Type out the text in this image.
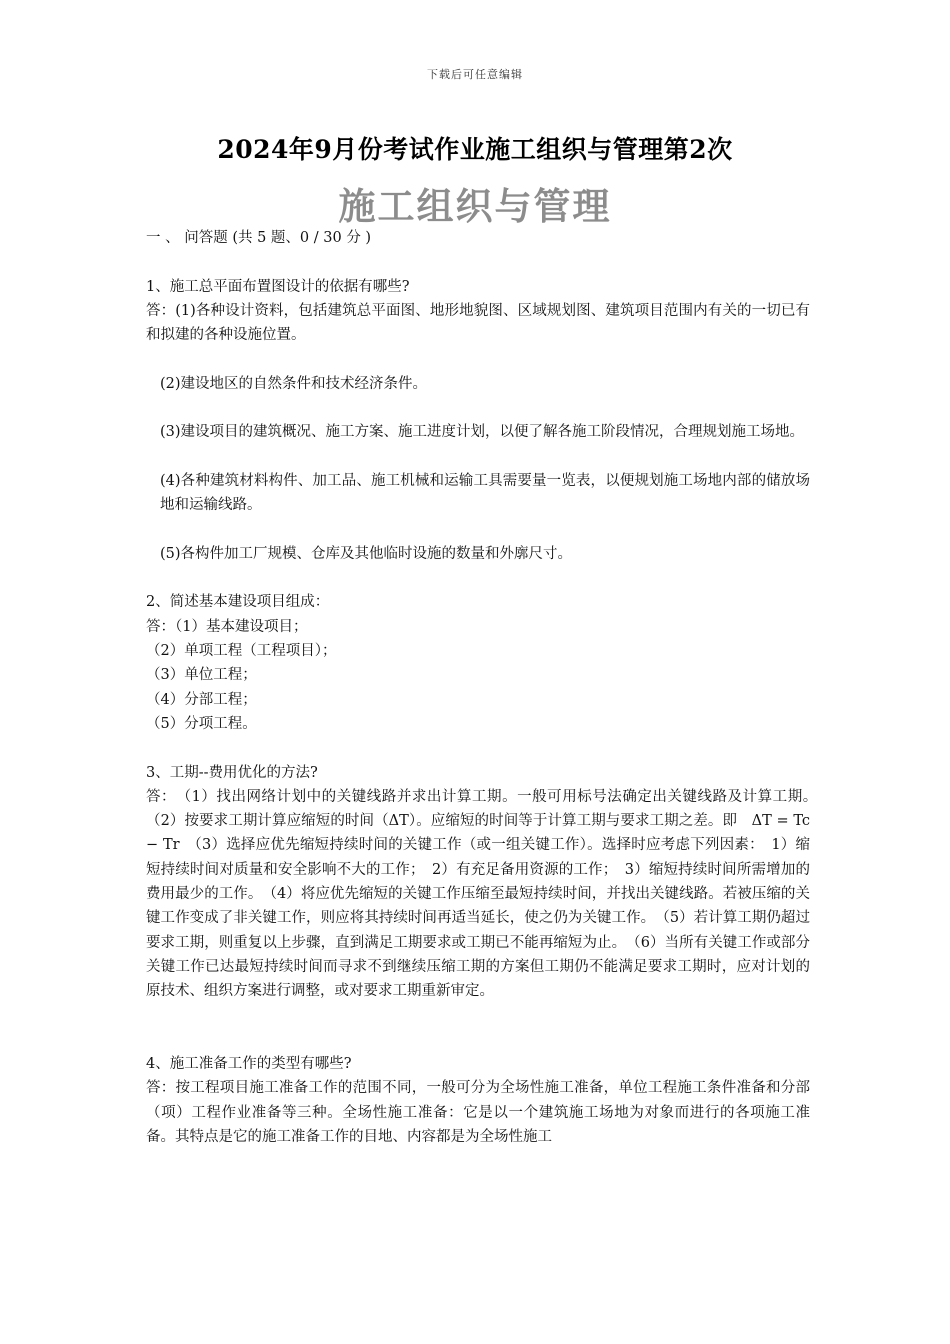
下载后可任意编辑
2024年9月份考试作业施工组织与管理第2次
施工组织与管理

一 、 问答题 (共 5 题、0 / 30 分 )

1、施工总平面布置图设计的依据有哪些?

答：(1)各种设计资料，包括建筑总平面图、地形地貌图、区域规划图、建筑项目范围内有关的一切已有和拟建的各种设施位置。

(2)建设地区的自然条件和技术经济条件。

(3)建设项目的建筑概况、施工方案、施工进度计划，以便了解各施工阶段情况，合理规划施工场地。

(4)各种建筑材料构件、加工品、施工机械和运输工具需要量一览表，以便规划施工场地内部的储放场地和运输线路。

(5)各构件加工厂规模、仓库及其他临时设施的数量和外廓尺寸。

2、简述基本建设项目组成：

答：（1）基本建设项目；

（2）单项工程（工程项目）；

（3）单位工程；

（4）分部工程；

（5）分项工程。

3、工期--费用优化的方法?

答：　（1）找出网络计划中的关键线路并求出计算工期。一般可用标号法确定出关键线路及计算工期。　（2）按要求工期计算应缩短的时间（ΔT）。应缩短的时间等于计算工期与要求工期之差。即　ΔT = Tc − Tr　（3）选择应优先缩短持续时间的关键工作（或一组关键工作）。选择时应考虑下列因素：　1）缩短持续时间对质量和安全影响不大的工作；　2）有充足备用资源的工作；　3）缩短持续时间所需增加的费用最少的工作。　（4）将应优先缩短的关键工作压缩至最短持续时间，并找出关键线路。若被压缩的关键工作变成了非关键工作，则应将其持续时间再适当延长，使之仍为关键工作。　（5）若计算工期仍超过要求工期，则重复以上步骤，直到满足工期要求或工期已不能再缩短为止。　（6）当所有关键工作或部分关键工作已达最短持续时间而寻求不到继续压缩工期的方案但工期仍不能满足要求工期时，应对计划的原技术、组织方案进行调整，或对要求工期重新审定。

4、施工准备工作的类型有哪些?

答：按工程项目施工准备工作的范围不同，一般可分为全场性施工准备，单位工程施工条件准备和分部（项）工程作业准备等三种。全场性施工准备：它是以一个建筑施工场地为对象而进行的各项施工准备。其特点是它的施工准备工作的目地、内容都是为全场性施工
